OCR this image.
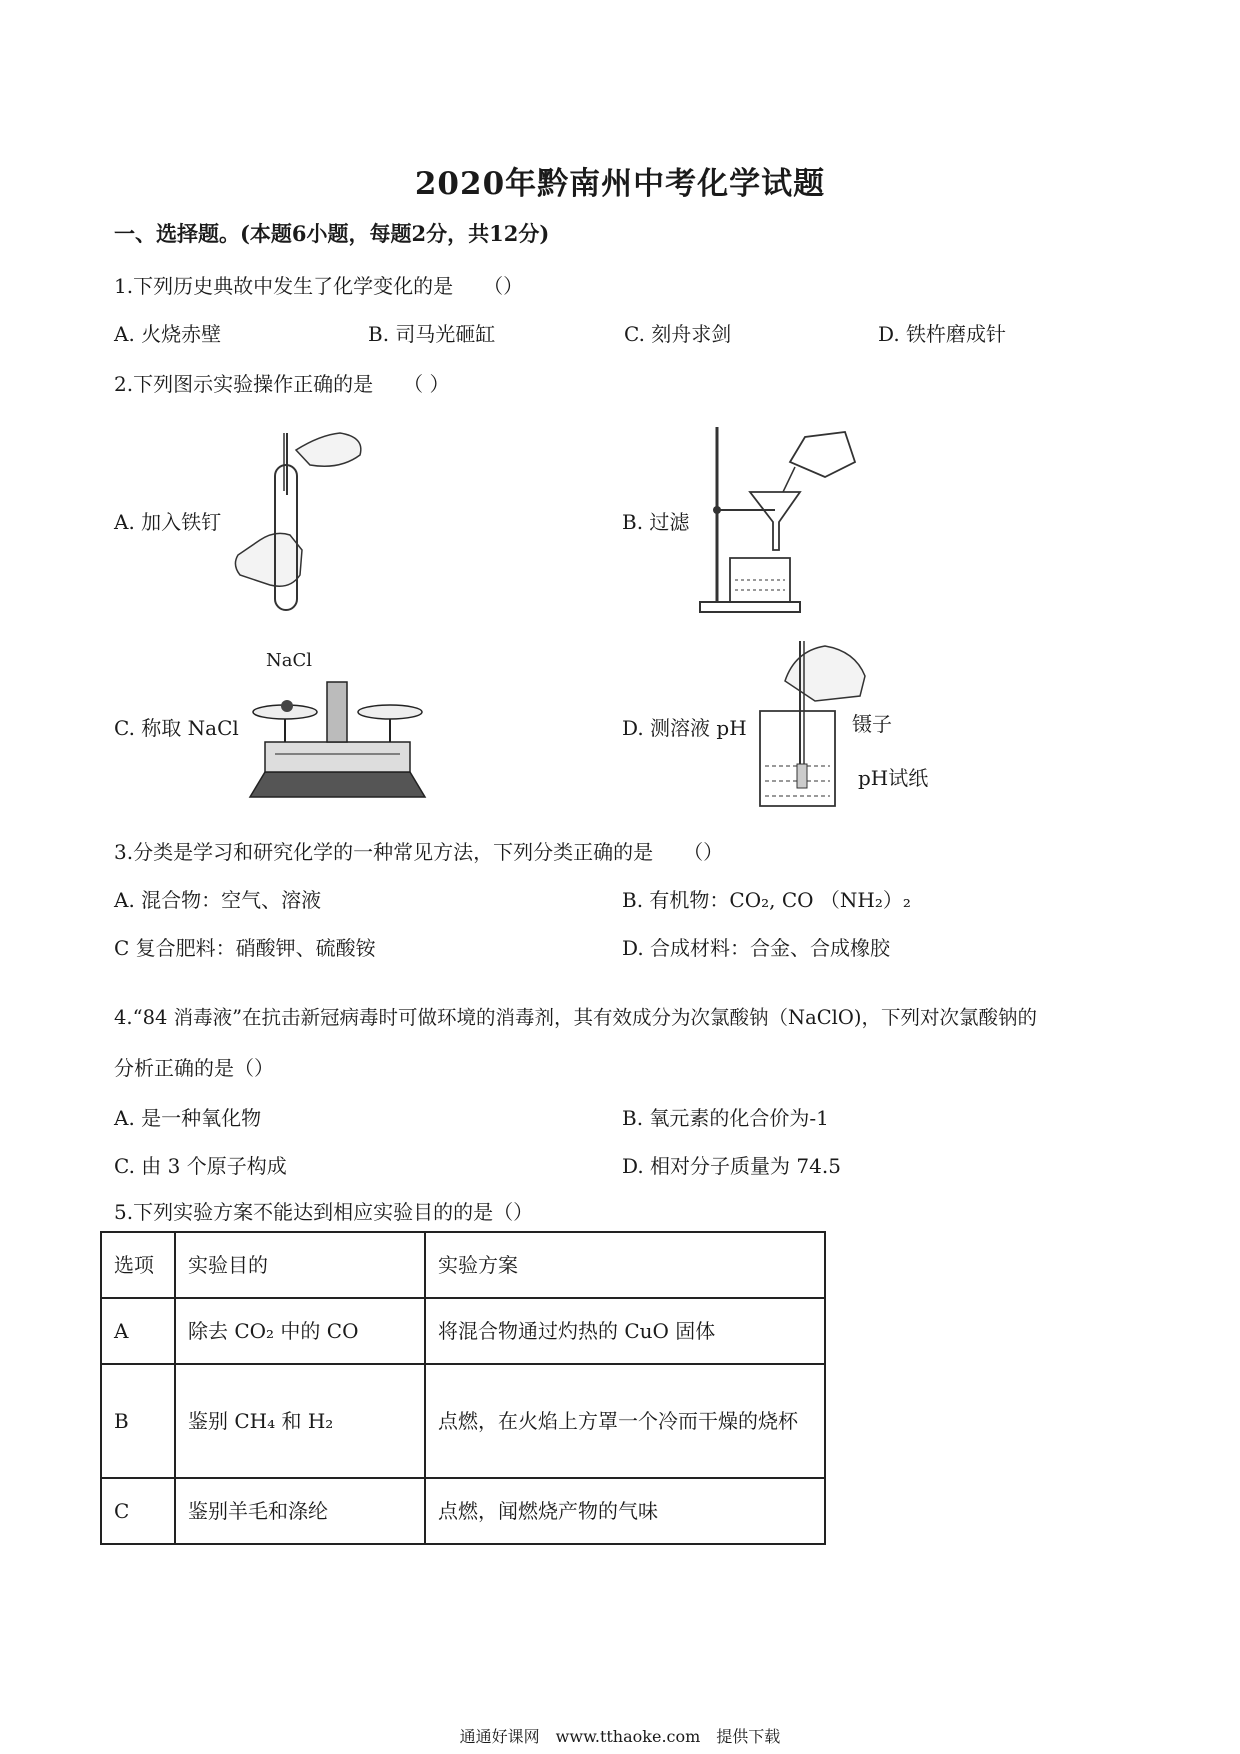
2020年黔南州中考化学试题
一、选择题。(本题6小题，每题2分，共12分)
1.下列历史典故中发生了化学变化的是　　（）
A. 火烧赤壁	B. 司马光砸缸	C. 刻舟求剑	D. 铁杵磨成针
2.下列图示实验操作正确的是　　（ ）
A. 加入铁钉	B. 过滤
C. 称取 NaCl
NaCl
D. 测溶液 pH	镊子
pH试纸
3.分类是学习和研究化学的一种常见方法，下列分类正确的是　　（）
A. 混合物：空气、溶液	B. 有机物：CO₂, CO （NH₂）₂
C 复合肥料：硝酸钾、硫酸铵	D. 合成材料：合金、合成橡胶
4.“84 消毒液”在抗击新冠病毒时可做环境的消毒剂，其有效成分为次氯酸钠（NaClO)，下列对次氯酸钠的
分析正确的是（）
A. 是一种氧化物	B. 氧元素的化合价为-1
C. 由 3 个原子构成	D. 相对分子质量为 74.5
5.下列实验方案不能达到相应实验目的的是（）
选项	实验目的	实验方案
A	除去 CO₂ 中的 CO	将混合物通过灼热的 CuO 固体
B	鉴别 CH₄ 和 H₂	点燃，在火焰上方罩一个冷而干燥的烧杯
C	鉴别羊毛和涤纶	点燃，闻燃烧产物的气味
通通好课网　www.tthaoke.com　提供下载
